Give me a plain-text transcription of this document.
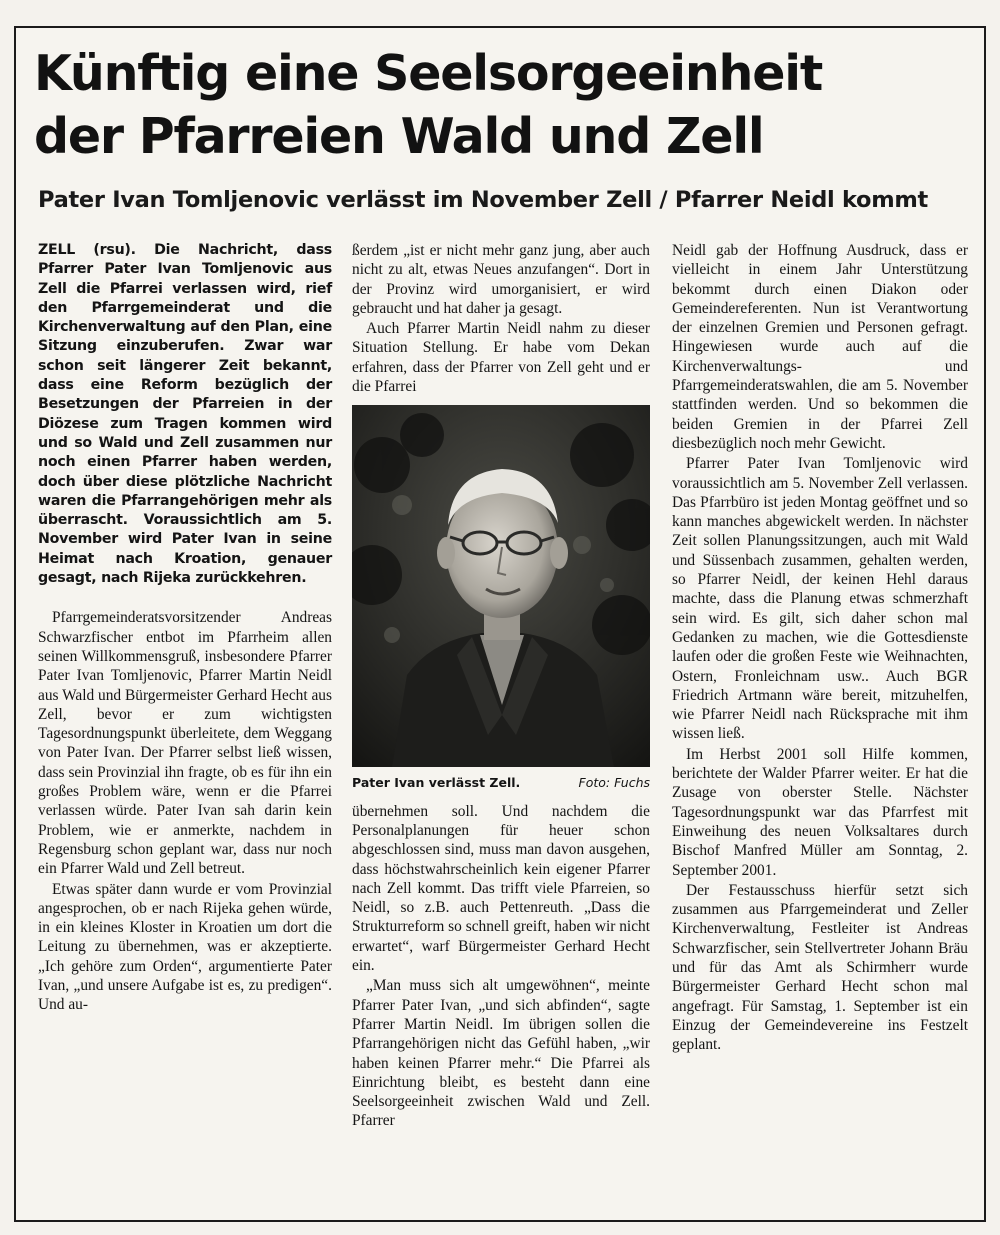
Künftig eine Seelsorgeeinheit
der Pfarreien Wald und Zell
Pater Ivan Tomljenovic verlässt im November Zell / Pfarrer Neidl kommt

ZELL (rsu). Die Nachricht, dass Pfarrer Pater Ivan Tomljenovic aus Zell die Pfarrei verlassen wird, rief den Pfarrgemeinderat und die Kirchenverwaltung auf den Plan, eine Sitzung einzuberufen. Zwar war schon seit längerer Zeit bekannt, dass eine Reform bezüglich der Besetzungen der Pfarreien in der Diözese zum Tragen kommen wird und so Wald und Zell zusammen nur noch einen Pfarrer haben werden, doch über diese plötzliche Nachricht waren die Pfarrangehörigen mehr als überrascht. Voraussichtlich am 5. November wird Pater Ivan in seine Heimat nach Kroation, genauer gesagt, nach Rijeka zurückkehren.

Pfarrgemeinderatsvorsitzender Andreas Schwarzfischer entbot im Pfarrheim allen seinen Willkommensgruß, insbesondere Pfarrer Pater Ivan Tomljenovic, Pfarrer Martin Neidl aus Wald und Bürgermeister Gerhard Hecht aus Zell, bevor er zum wichtigsten Tagesordnungspunkt überleitete, dem Weggang von Pater Ivan. Der Pfarrer selbst ließ wissen, dass sein Provinzial ihn fragte, ob es für ihn ein großes Problem wäre, wenn er die Pfarrei verlassen würde. Pater Ivan sah darin kein Problem, wie er anmerkte, nachdem in Regensburg schon geplant war, dass nur noch ein Pfarrer Wald und Zell betreut.

Etwas später dann wurde er vom Provinzial angesprochen, ob er nach Rijeka gehen würde, in ein kleines Kloster in Kroatien um dort die Leitung zu übernehmen, was er akzeptierte. „Ich gehöre zum Orden“, argumentierte Pater Ivan, „und unsere Aufgabe ist es, zu predigen“. Und au-

ßerdem „ist er nicht mehr ganz jung, aber auch nicht zu alt, etwas Neues anzufangen“. Dort in der Provinz wird umorganisiert, er wird gebraucht und hat daher ja gesagt.

Auch Pfarrer Martin Neidl nahm zu dieser Situation Stellung. Er habe vom Dekan erfahren, dass der Pfarrer von Zell geht und er die Pfarrei

Pater Ivan verlässt Zell.	Foto: Fuchs

übernehmen soll. Und nachdem die Personalplanungen für heuer schon abgeschlossen sind, muss man davon ausgehen, dass höchstwahrscheinlich kein eigener Pfarrer nach Zell kommt. Das trifft viele Pfarreien, so Neidl, so z.B. auch Pettenreuth. „Dass die Strukturreform so schnell greift, haben wir nicht erwartet“, warf Bürgermeister Gerhard Hecht ein.

„Man muss sich alt umgewöhnen“, meinte Pfarrer Pater Ivan, „und sich abfinden“, sagte Pfarrer Martin Neidl. Im übrigen sollen die Pfarrangehörigen nicht das Gefühl haben, „wir haben keinen Pfarrer mehr.“ Die Pfarrei als Einrichtung bleibt, es besteht dann eine Seelsorgeeinheit zwischen Wald und Zell. Pfarrer

Neidl gab der Hoffnung Ausdruck, dass er vielleicht in einem Jahr Unterstützung bekommt durch einen Diakon oder Gemeindereferenten. Nun ist Verantwortung der einzelnen Gremien und Personen gefragt. Hingewiesen wurde auch auf die Kirchenverwaltungs- und Pfarrgemeinderatswahlen, die am 5. November stattfinden werden. Und so bekommen die beiden Gremien in der Pfarrei Zell diesbezüglich noch mehr Gewicht.

Pfarrer Pater Ivan Tomljenovic wird voraussichtlich am 5. November Zell verlassen. Das Pfarrbüro ist jeden Montag geöffnet und so kann manches abgewickelt werden. In nächster Zeit sollen Planungssitzungen, auch mit Wald und Süssenbach zusammen, gehalten werden, so Pfarrer Neidl, der keinen Hehl daraus machte, dass die Planung etwas schmerzhaft sein wird. Es gilt, sich daher schon mal Gedanken zu machen, wie die Gottesdienste laufen oder die großen Feste wie Weihnachten, Ostern, Fronleichnam usw.. Auch BGR Friedrich Artmann wäre bereit, mitzuhelfen, wie Pfarrer Neidl nach Rücksprache mit ihm wissen ließ.

Im Herbst 2001 soll Hilfe kommen, berichtete der Walder Pfarrer weiter. Er hat die Zusage von oberster Stelle. Nächster Tagesordnungspunkt war das Pfarrfest mit Einweihung des neuen Volksaltares durch Bischof Manfred Müller am Sonntag, 2. September 2001.

Der Festausschuss hierfür setzt sich zusammen aus Pfarrgemeinderat und Zeller Kirchenverwaltung, Festleiter ist Andreas Schwarzfischer, sein Stellvertreter Johann Bräu und für das Amt als Schirmherr wurde Bürgermeister Gerhard Hecht schon mal angefragt. Für Samstag, 1. September ist ein Einzug der Gemeindevereine ins Festzelt geplant.
